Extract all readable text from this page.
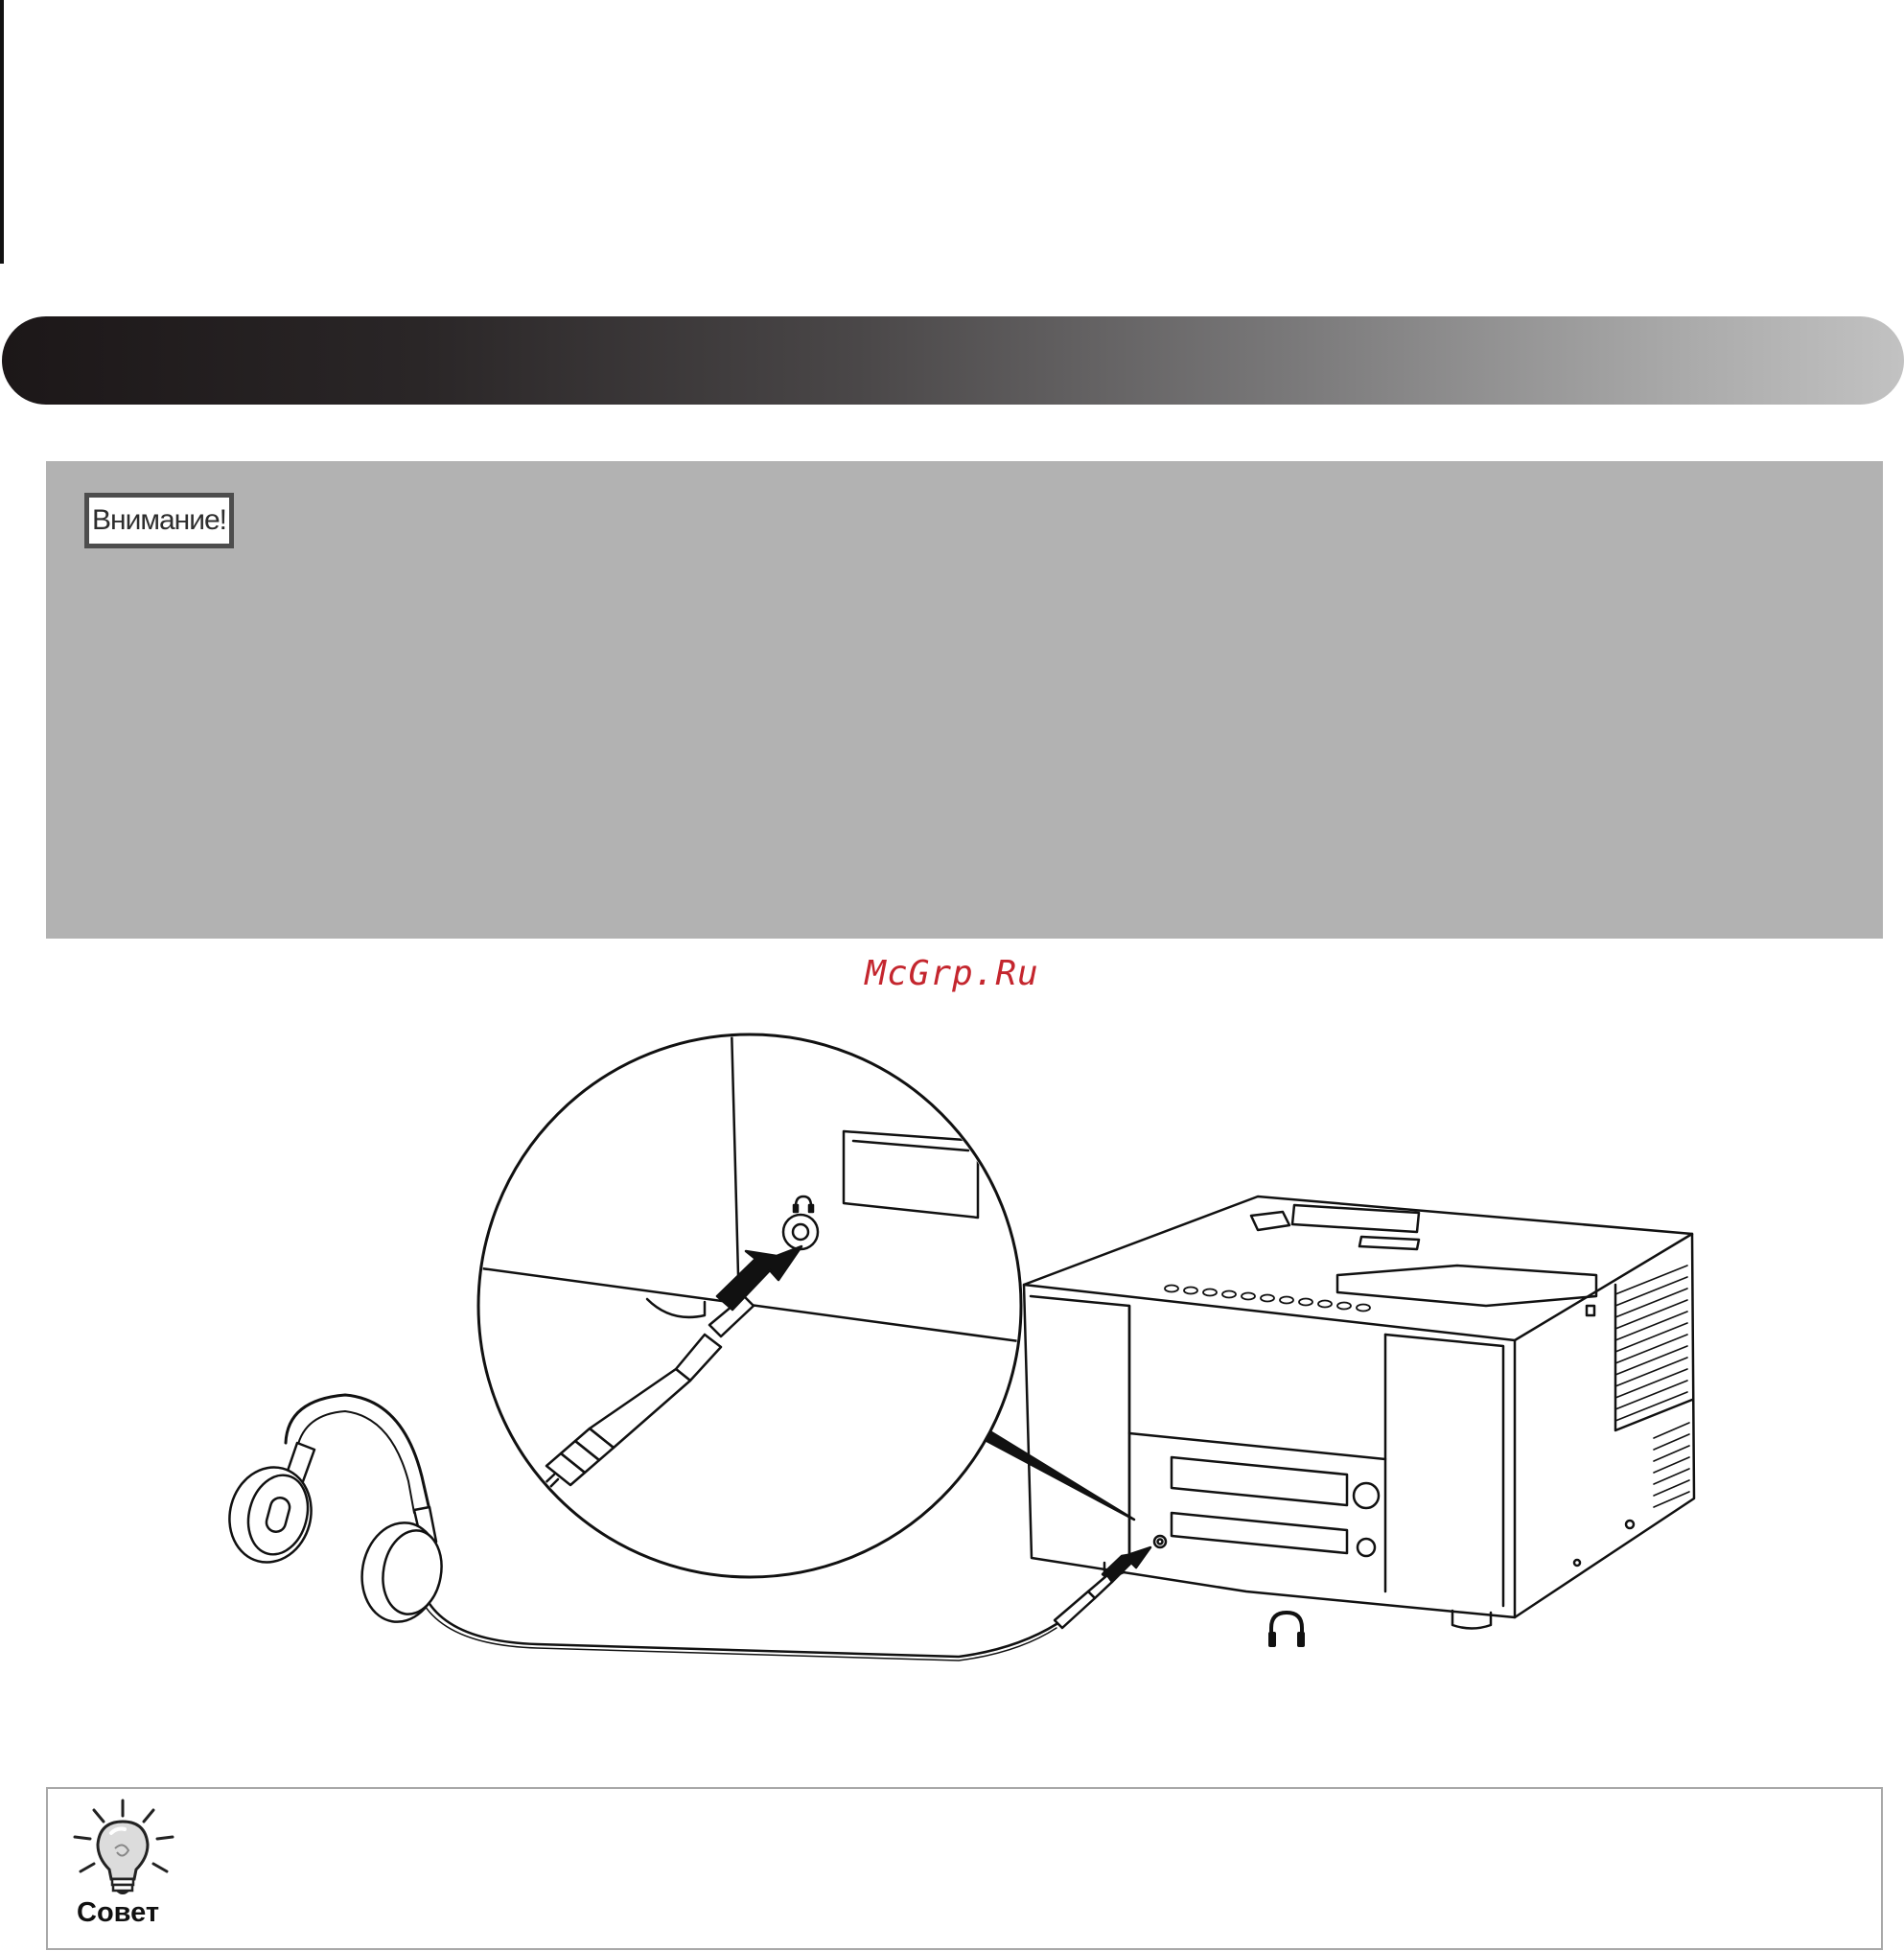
Внимание!
McGrp.Ru
Совет
